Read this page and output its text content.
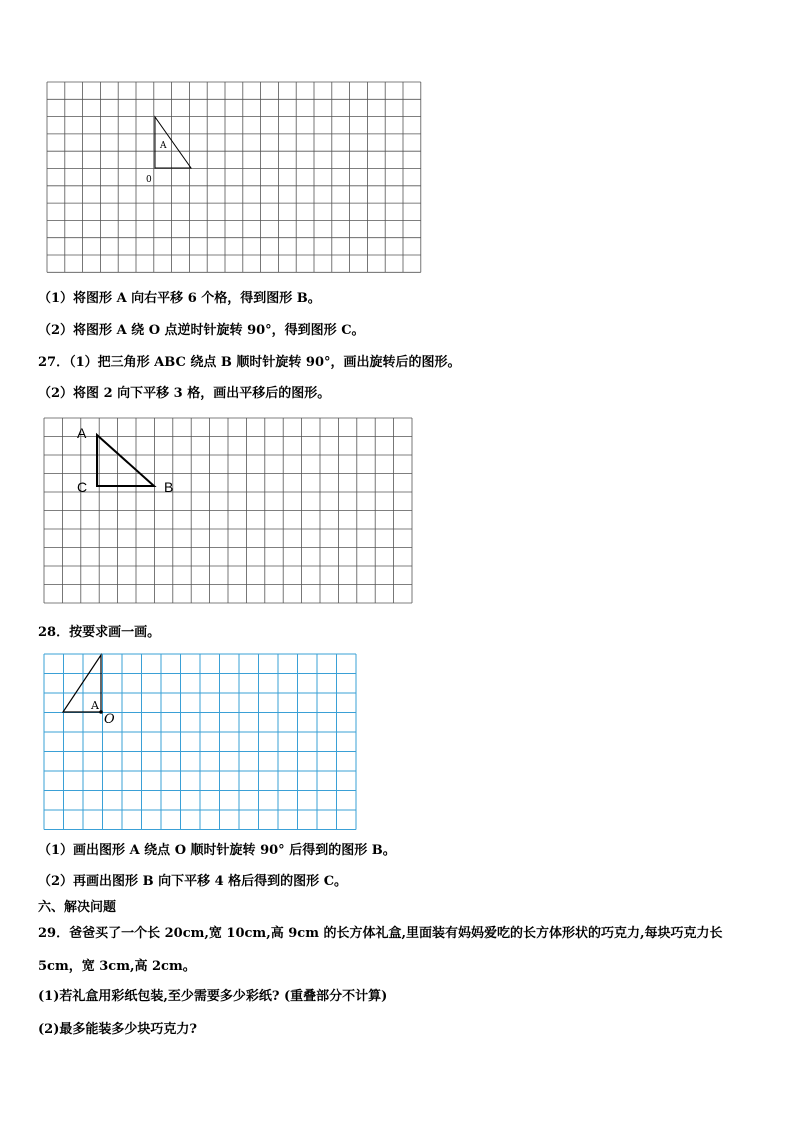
A
0
（1）将图形 A 向右平移 6 个格，得到图形 B。
（2）将图形 A 绕 O 点逆时针旋转 90°，得到图形 C。
27．（1）把三角形 ABC 绕点 B 顺时针旋转 90°，画出旋转后的图形。
（2）将图 2 向下平移 3 格，画出平移后的图形。
A
C	B
28．按要求画一画。
A
O
（1）画出图形 A 绕点 O 顺时针旋转 90° 后得到的图形 B。
（2）再画出图形 B 向下平移 4 格后得到的图形 C。
六、解决问题
29．爸爸买了一个长 20cm,宽 10cm,高 9cm 的长方体礼盒,里面装有妈妈爱吃的长方体形状的巧克力,每块巧克力长
5cm，宽 3cm,高 2cm。
(1)若礼盒用彩纸包装,至少需要多少彩纸? (重叠部分不计算)
(2)最多能装多少块巧克力?
